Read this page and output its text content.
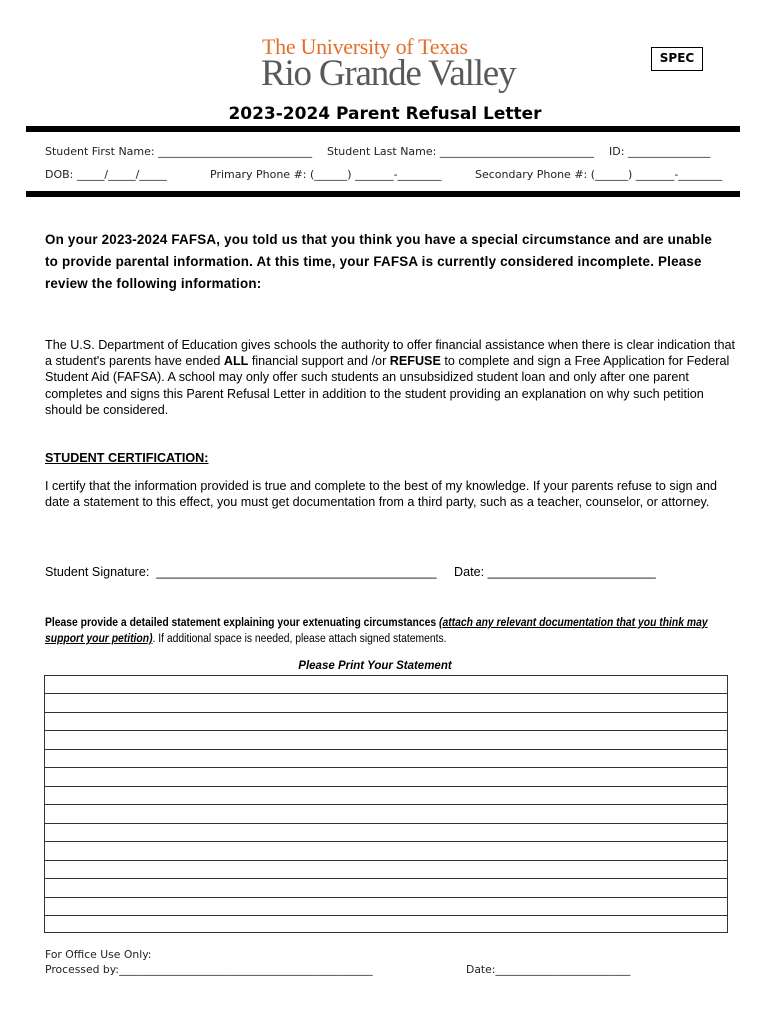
The University of Texas
Rio Grande Valley	SPEC
2023-2024 Parent Refusal Letter
Student First Name: ____________________________ Student Last Name: ____________________________ ID: _______________
DOB: _____/_____/_____	Primary Phone #: (______) _______-________	Secondary Phone #: (______) _______-________
On your 2023-2024 FAFSA, you told us that you think you have a special circumstance and are unable to provide parental information. At this time, your FAFSA is currently considered incomplete. Please review the following information:
The U.S. Department of Education gives schools the authority to offer financial assistance when there is clear indication that a student's parents have ended ALL financial support and /or REFUSE to complete and sign a Free Application for Federal Student Aid (FAFSA). A school may only offer such students an unsubsidized student loan and only after one parent completes and signs this Parent Refusal Letter in addition to the student providing an explanation on why such petition should be considered.
STUDENT CERTIFICATION:
I certify that the information provided is true and complete to the best of my knowledge. If your parents refuse to sign and date a statement to this effect, you must get documentation from a third party, such as a teacher, counselor, or attorney.
Student Signature:  ________________________________________ Date: ________________________
Please provide a detailed statement explaining your extenuating circumstances (attach any relevant documentation that you think may support your petition). If additional space is needed, please attach signed statements.
Please Print Your Statement
For Office Use Only:
Processed by:_______________________________________________	Date:_________________________
